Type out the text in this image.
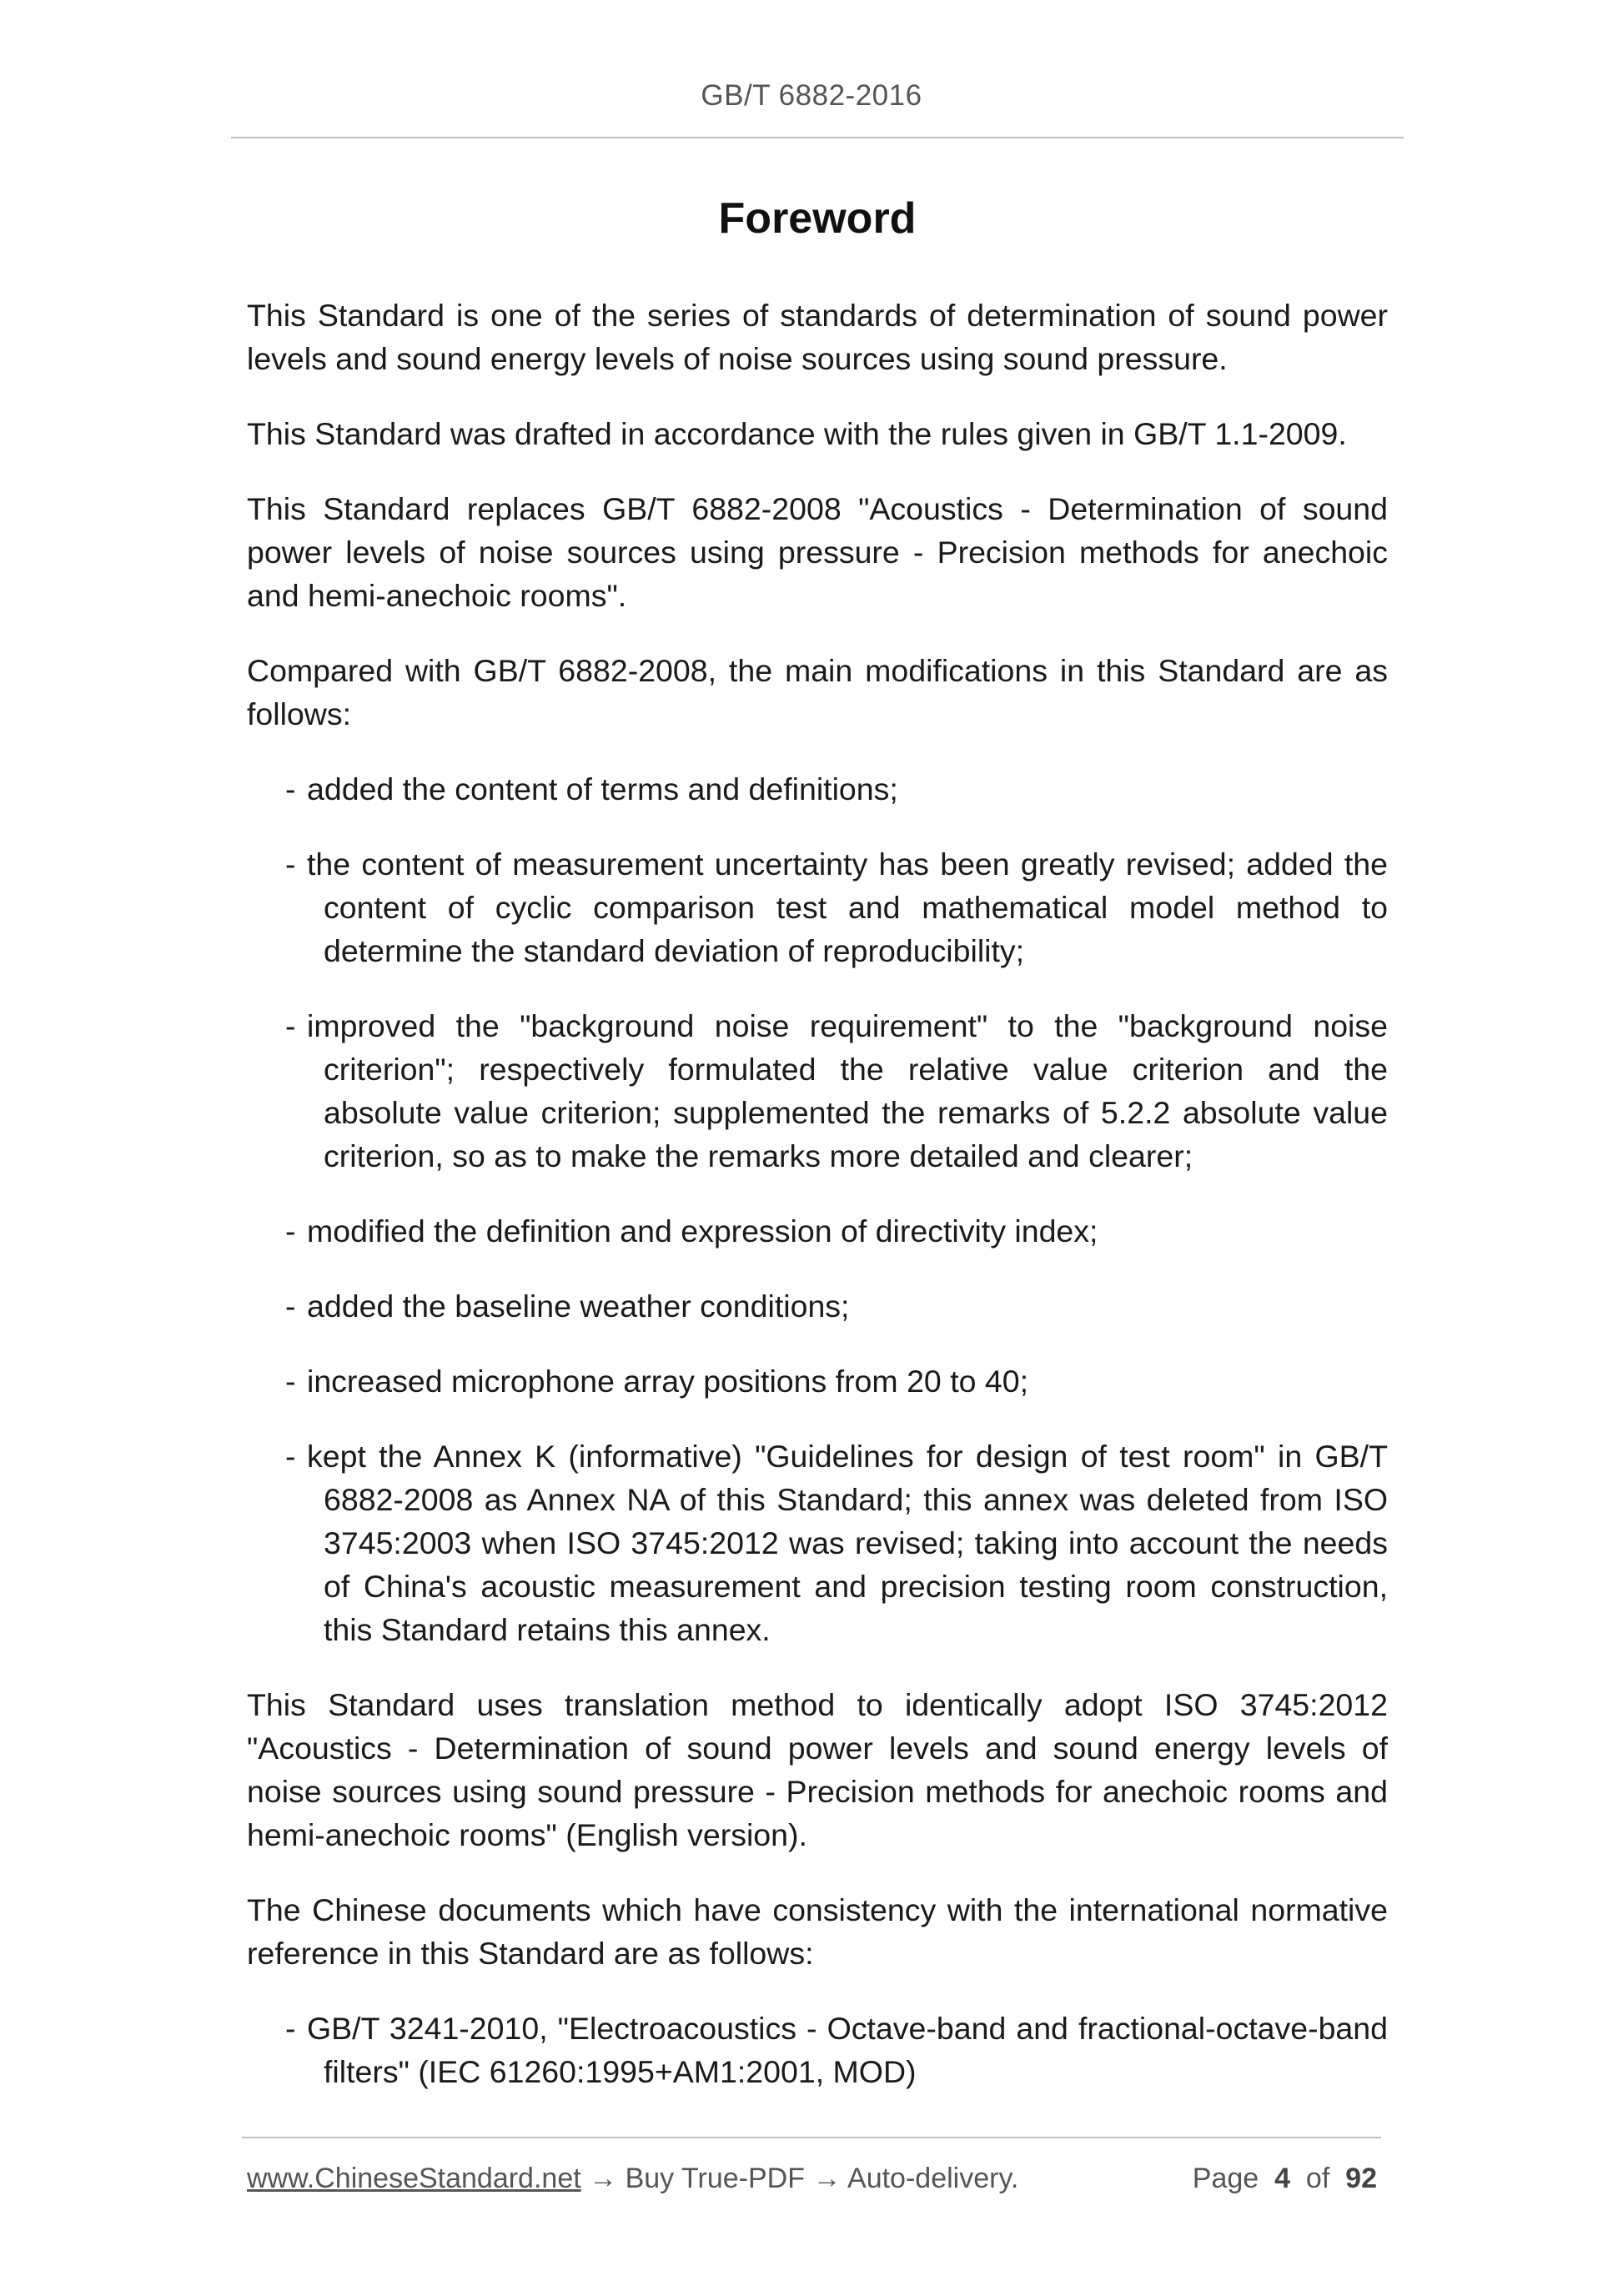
GB/T 6882-2016
Foreword

This Standard is one of the series of standards of determination of sound power levels and sound energy levels of noise sources using sound pressure.

This Standard was drafted in accordance with the rules given in GB/T 1.1-2009.

This Standard replaces GB/T 6882-2008 "Acoustics - Determination of sound power levels of noise sources using pressure - Precision methods for anechoic and hemi-anechoic rooms".

Compared with GB/T 6882-2008, the main modifications in this Standard are as follows:

- added the content of terms and definitions;
- the content of measurement uncertainty has been greatly revised; added the content of cyclic comparison test and mathematical model method to determine the standard deviation of reproducibility;
- improved the "background noise requirement" to the "background noise criterion"; respectively formulated the relative value criterion and the absolute value criterion; supplemented the remarks of 5.2.2 absolute value criterion, so as to make the remarks more detailed and clearer;
- modified the definition and expression of directivity index;
- added the baseline weather conditions;
- increased microphone array positions from 20 to 40;
- kept the Annex K (informative) "Guidelines for design of test room" in GB/T 6882-2008 as Annex NA of this Standard; this annex was deleted from ISO 3745:2003 when ISO 3745:2012 was revised; taking into account the needs of China's acoustic measurement and precision testing room construction, this Standard retains this annex.

This Standard uses translation method to identically adopt ISO 3745:2012 "Acoustics - Determination of sound power levels and sound energy levels of noise sources using sound pressure - Precision methods for anechoic rooms and hemi-anechoic rooms" (English version).

The Chinese documents which have consistency with the international normative reference in this Standard are as follows:

- GB/T 3241-2010, "Electroacoustics - Octave-band and fractional-octave-band filters" (IEC 61260:1995+AM1:2001, MOD)
www.ChineseStandard.net → Buy True-PDF → Auto-delivery.	Page 4 of 92
